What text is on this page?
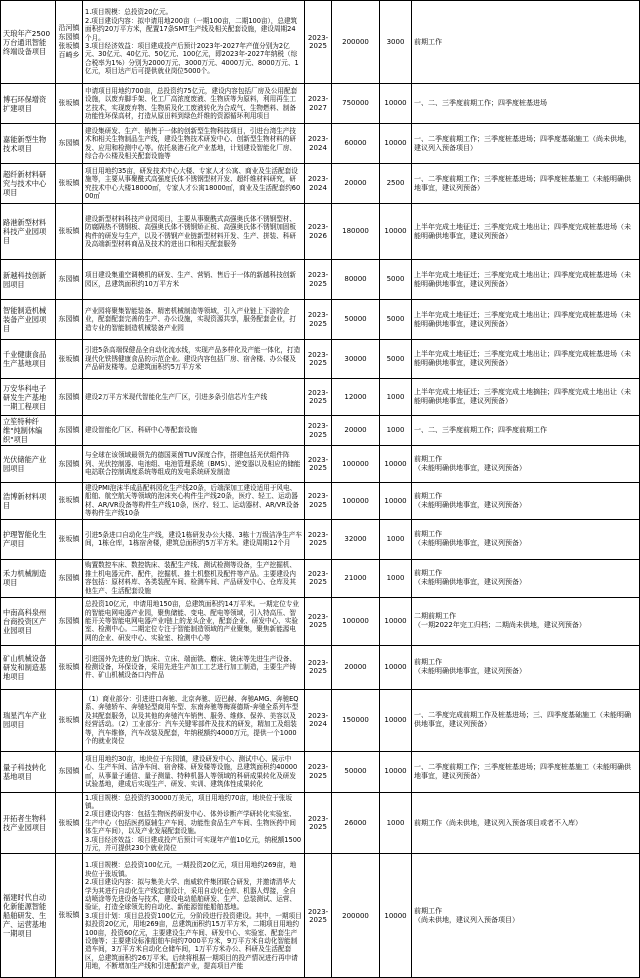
天琅年产2500万台通讯智能终端设备项目	沿河镇 东园镇 张坂镇 百崎乡	1.项目规模：总投资20亿元。
2.项目建设内容：拟申请用地200亩（一期100亩，二期100亩），总建筑面积约20万平方米，配置17条SMT生产线及相关配套设施，建设周期24个月。
3.项目经济效益：项目建成投产后预计2023年-2027年产值分别为2亿元、30亿元、40亿元、50亿元、100亿元，即2023年-2027年纳税（综合税率为1%）分别为2000万元、3000万元、4000万元、8000万元、1亿元，项目达产后可提供就业岗位5000个。	2023-2025	200000	3000	前期工作
博石环保增资扩建项目	张坂镇	申请项目用地约700亩，总投资约75亿元，建设内容包括厂房及公用配套设施，以废弃脚手架、化工厂高浓度废液、生物质等为原料，利用再生工艺技术，实现废弃物、生物质及化工废液转化为合成气、生物燃料、制备功能性环保高材，打造从原田料到绿色纤维的资源循环利用项目	2023-2027	750000	10000	一、二、三季度前期工作；四季度桩基进场
嘉能新型生物技术项目	东园镇	建设集研发、生产、销售于一体的创新型生物科技项目，引进台湾生产技术和相关生物制品生产线，建设生物技术研发中心、创新型生物材料的研发、应用和检测中心等。依托泉港石化产业基地，计划建设智能化厂房、综合办公楼及相关配套设施等	2023-2024	60000	10000	一、二季度前期工作；三季度桩基进场；四季度基础施工（尚未供地，建议列入预备项目）
超纤新材料研究与技术中心项目	张坂镇	项目用地约35亩，研发技术中心大楼、专家人才公寓、商业及生活配套设施等，主要从事聚酰式高强度氏体不锈钢型材开发、超纤维材料研究，研究技术中心大楼18000㎡，专家人才公寓18000㎡，商业及生活配套约6000㎡	2023-2024	20000	2500	一、二季度前期工作；三季度桩基进场；四季度桩基施工（未能明确供地事宜，建议列预备）
路港新型材料科技产业园项目	张坂镇	建设新型材料科技产业园项目，主要从事聚酰式高强奥氏体不锈钢型材、防腐隔热不锈钢板、高强奥氏体不锈钢矫正板、高强奥氏体不锈钢加固板构件的研发与生产，以及不锈钢产业链新型材料开发、生产、拼装、科研及高端新型材料商品及技术的进出口和相关配套服务	2023-2026	180000	10000	上半年完成土地征迁；三季度完成土地出让；四季度完成桩基进场（未能明确供地事宜，建议列预备）
新越科技创新园项目	东园镇	项目建设集重空调模机的研发、生产、营销、售后于一体的新越科技创新园区，总建筑面积约10万平方米	2023-2025	80000	5000	上半年完成土地征迁；三季度完成土地出让；四季度完成桩基进场（未能明确供地事宜，建议列预备）
智能制造机械装备产业园项目	东园镇	产业园将聚集智能装备、精密机械制造等领域，引入产业链上下游的企业，配套配套完善的生产、办公设施，实现资源共享，服务配套企业，打造专业的智能制造机械装备产业园	2023-2025	50000	5000	上半年完成土地征迁；三季度完成土地出让；四季度完成桩基进场（未能明确供地事宜，建议列预备）
千业健康食品生产基地项目	张坂镇	引进5条高端保健品全自动化流水线，实现产品多样化及产能一体化，打造现代化铁锈健康食品的示范企业。建设内容包括厂房、宿舍楼、办公楼及产品研发楼等。总建筑面积约5万平方米	2023-2025	30000	5000	上半年完成土地征迁；三季度完成土地出让；四季度完成桩基进场（未能明确供地事宜，建议列预备）
万安华科电子研发生产基地一期工程项目	东园镇	建设2万平方米现代智能化生产厂区，引进多条引信芯片生产线	2023-2025	12000	1000	上半年完成土地征迁；三季度完成土地摘挂；四季度完成土地出让（未能明确供地事宜，建议列预备）
立笙特种纤维"纯制休编织"项目	东园镇	建设智能化厂区、科研中心等配套设施	2023-2025	20000	1000	一、二、三季度前期工作；四季度前期工作
光伏储能产业园项目	东园镇	与全球在该领域最领先的德国莱茵TUV深度合作，搭建包括光伏组件阵列、光伏控制器、电池组、电池管理系统（BMS）、逆变器以及相应的储能电站联合控制调度系统等组成的发电系统研发制造	2023-2025	100000	10000	前期工作
（未能明确供地事宜，建议列预备）
浩博新材料项目	张坂镇	建设PMI泡沫半成品配料园化生产线20条，后端深加工建设适用于风电、船舶、航空航天等领域的泡沫夹心构件生产线20条，医疗、轻工、运动器材、AR/VR设备等构件生产线10条，医疗、轻工、运动器材、AR/VR设备等构件生产线10条	2023-2025	100000	10000	前期工作
（未能明确供地事宜，建议列预备）
护理智能化生产项目	张坂镇	引进5条进口自动化生产线，建设1栋研发办公大楼、3栋十万级洁净生产车间，1栋仓库，1栋宿舍楼，建筑总面积约5万平方米。建设周期12个月	2023-2025	32000	1000	前期工作
（未能明确供地事宜，建议列预备）
禾力机械制造项目	东园镇	购置数控车床、数控铣床、装配生产线、测试检测等设备，生产挖掘机、推土机电器元件、配件，挖掘机、推土机整机及配件等产品。主要建设内容包括：原材料库、各类装配车间、检测车间、产品研发中心、仓库及其他生产、生活配套设施	2023-2025	21000	1000	前期工作
（未能明确供地事宜，建议列预备）
中南高科泉州台商投资区产业园项目	东园镇	总投资10亿元，申请用地150亩，总建筑面积约14万平米。一期定位专业的智能电网电器产业园，聚焦储能、变电、配电等领域，引入特高压、智能开关等智能电网电器产业Ⅰ链上的龙头企业，配套企业、研发中心、实验室、检测中心。二期定位专注于智能制造领域的产业聚集，聚焦新能源电网的企业、研发中心、实验室、检测中心等	2023-2025	100000	10000	二期前期工作
（一期2022年完工归档；二期尚未供地，建议列预备）
矿山机械设备研发和制造基地项目	张坂镇	引进国外先进的龙门铣床、立床、端面铣、磨床、铣床等先进生产设备、检测设备，环保设备，采用先进生产加工工艺进行加工制造，主要生产铸件、矿山机械设备口内件品	2023-2025	20000	10000	前期工作
（未能明确供地事宜，建议列预备）
瑞星汽车产业园项目	张坂镇	（1）商业部分：引进进口奔驰、北京奔驰、迈巴赫、奔驰AMG、奔驰EQ系、奔驰轿车、奔驰轻型商用车型、东南奔驰等梅赛德斯-奔驰全系列车型及其配套服务，以及其他的奔驰汽车销售、服务、维修、保养、美容以及经营活动。（2）工业部分：汽车关键零部件及技术的研发，精加工及组装等，汽车维修，汽车改装及配套，年纳税额约4000万元，提供一个1000个的就业岗位	2023-2024	150000	10000	一、二季度完成前期工作及桩基进场；三、四季度基础施工（未能明确供地事宜，建议列预备）
量子科技转化基地项目	东园镇	项目用地约30亩，地块位于东园镇，建设研发中心、测试中心、展示中心、生产车间、洁净车间、宿舍楼、研发楼等设施，总建筑面积约40000㎡，从事量子通信、量子测量、特种机器人等领域的科研成果转化及研发试验基地，建成后实现生产、研发、实训、建筑体性成果转化	2023-2025	50000	10000	一、二季度前期工作；三季度桩基进场；四季度桩基施工（未能明确供地事宜，建议列预备）
开拓者生物科技产业园项目	张坂镇	1.项目规模：总投资约30000万美元，项目用地约70亩，地块位于张坂镇。
2.项目建设内容：包括生物医药研发中心、体外诊断产学研转化实验室、生产中心（包括医药原辅生产车间、功能性食品生产车间、生物医药中间体生产车间），以及产业发展配套设施。
3.项目经济效益：项目建成投产后预计可实现年产值10亿元，纳税额1500万元，并可提供230个就业岗位	2023-2025	26000	1000	前期工作（尚未供地，建议列入预备项目或者不入库）
福建时代自动化新能源智能船舶研发、生产、运营基地一期项目	张坂镇	1.项目规模：总投资100亿元，一期投资20亿元，项目用地约269亩，地块位于张坂镇。
2.项目建设内容：拟与集美大学、南威软件集团联合研发，并邀请清华大学为其进行自动化生产线定制设计，采用自动化仓库、机器人焊接，全自动喷涂等先进设备与技术，建设电动船舶研发、生产、总装测试、运营、验证，打造全球领先的自动化、新能源智能船舶基地。
3.项目计划：项目总投资100亿元，分阶段进行投资建设。其中，一期项目拟投资20亿元，用地269亩，总建筑面积约15万平方米，二期项目用地约100亩，投资60亿元，主要建设生产车间、研发中心、实验室、配套生产设施等；主要建设标准船舶车间约7000平方米，9万平方米自动化智能制造车间，3万平方米自动化仓储车间，1万平方米办公、科研及生活配套区，总建筑面积约26万平米。后续将根据一期项目的投产情况进行再申请用地，不断增加生产线和引进配套产业，提高项目产能	2023-2025	200000	10000	前期工作
（尚未供地，建议列入预备项目）
